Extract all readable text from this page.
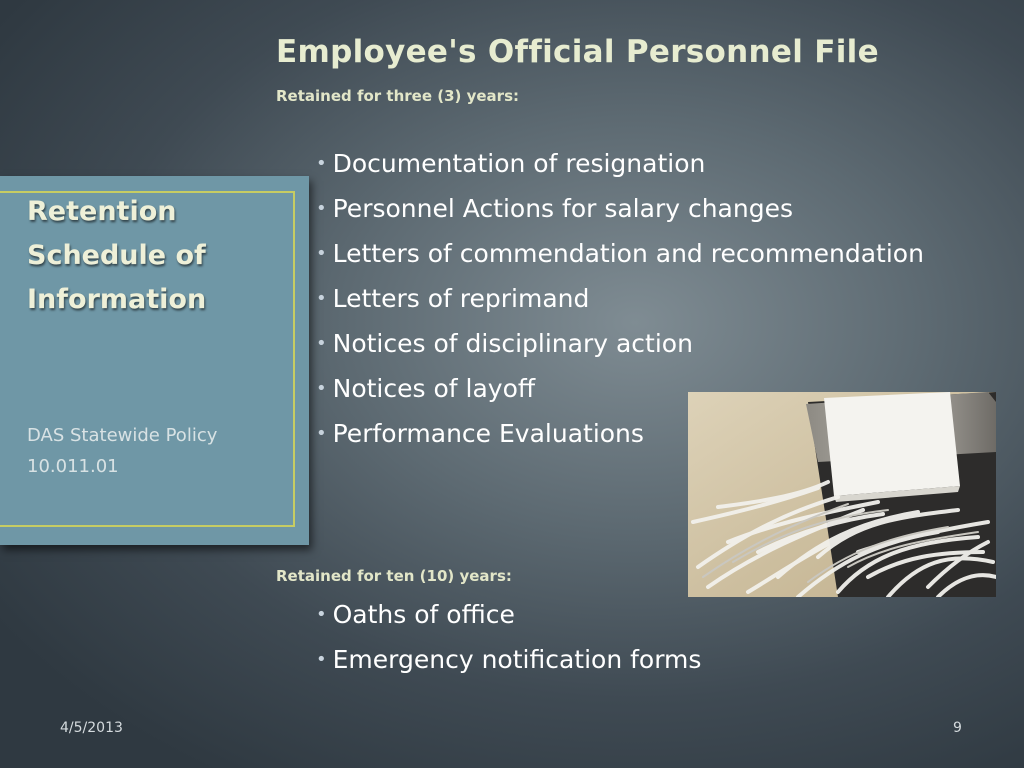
Employee's Official Personnel File
Retained for three (3) years:
• Documentation of resignation
• Personnel Actions for salary changes
• Letters of commendation and recommendation
• Letters of reprimand
• Notices of disciplinary action
• Notices of layoff
• Performance Evaluations
Retained for ten (10) years:
• Oaths of office
• Emergency notification forms
Retention
Schedule of
Information
DAS Statewide Policy
10.011.01
4/5/2013	9
